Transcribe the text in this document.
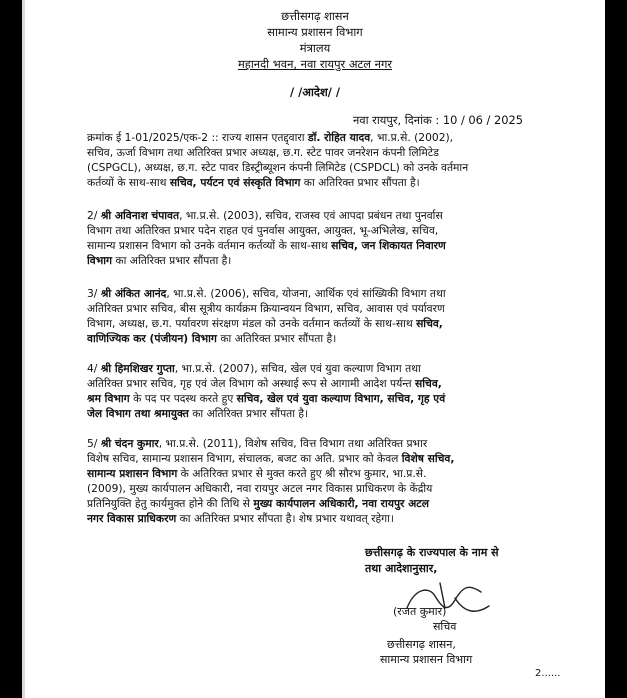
छत्तीसगढ़ शासन
सामान्य प्रशासन विभाग
मंत्रालय
महानदी भवन, नवा रायपुर अटल नगर
/ /आदेश/ /
नवा रायपुर, दिनांक : 10 / 06 / 2025
क्रमांक ई 1-01/2025/एक-2 :: राज्य शासन एतद्द्वारा डॉ. रोहित यादव, भा.प्र.से. (2002),
सचिव, ऊर्जा विभाग तथा अतिरिक्त प्रभार अध्यक्ष, छ.ग. स्टेट पावर जनरेशन कंपनी लिमिटेड
(CSPGCL), अध्यक्ष, छ.ग. स्टेट पावर डिस्ट्रीब्यूशन कंपनी लिमिटेड (CSPDCL) को उनके वर्तमान
कर्तव्यों के साथ-साथ सचिव, पर्यटन एवं संस्कृति विभाग का अतिरिक्त प्रभार सौंपता है।
2/ श्री अविनाश चंपावत, भा.प्र.से. (2003), सचिव, राजस्व एवं आपदा प्रबंधन तथा पुनर्वास
विभाग तथा अतिरिक्त प्रभार पदेन राहत एवं पुनर्वास आयुक्त, आयुक्त, भू-अभिलेख, सचिव,
सामान्य प्रशासन विभाग को उनके वर्तमान कर्तव्यों के साथ-साथ सचिव, जन शिकायत निवारण
विभाग का अतिरिक्त प्रभार सौंपता है।
3/ श्री अंकित आनंद, भा.प्र.से. (2006), सचिव, योजना, आर्थिक एवं सांख्यिकी विभाग तथा
अतिरिक्त प्रभार सचिव, बीस सूत्रीय कार्यक्रम क्रियान्वयन विभाग, सचिव, आवास एवं पर्यावरण
विभाग, अध्यक्ष, छ.ग. पर्यावरण संरक्षण मंडल को उनके वर्तमान कर्तव्यों के साथ-साथ सचिव,
वाणिज्यिक कर (पंजीयन) विभाग का अतिरिक्त प्रभार सौंपता है।
4/ श्री हिमशिखर गुप्ता, भा.प्र.से. (2007), सचिव, खेल एवं युवा कल्याण विभाग तथा
अतिरिक्त प्रभार सचिव, गृह एवं जेल विभाग को अस्थाई रूप से आगामी आदेश पर्यन्त सचिव,
श्रम विभाग के पद पर पदस्थ करते हुए सचिव, खेल एवं युवा कल्याण विभाग, सचिव, गृह एवं
जेल विभाग तथा श्रमायुक्त का अतिरिक्त प्रभार सौंपता है।
5/ श्री चंदन कुमार, भा.प्र.से. (2011), विशेष सचिव, वित्त विभाग तथा अतिरिक्त प्रभार
विशेष सचिव, सामान्य प्रशासन विभाग, संचालक, बजट का अति. प्रभार को केवल विशेष सचिव,
सामान्य प्रशासन विभाग के अतिरिक्त प्रभार से मुक्त करते हुए श्री सौरभ कुमार, भा.प्र.से.
(2009), मुख्य कार्यपालन अधिकारी, नवा रायपुर अटल नगर विकास प्राधिकरण के केंद्रीय
प्रतिनियुक्ति हेतु कार्यमुक्त होने की तिथि से मुख्य कार्यपालन अधिकारी, नवा रायपुर अटल
नगर विकास प्राधिकरण का अतिरिक्त प्रभार सौंपता है। शेष प्रभार यथावत् रहेगा।
छत्तीसगढ़ के राज्यपाल के नाम से
तथा आदेशानुसार,
(रजत कुमार)
सचिव
छत्तीसगढ़ शासन,
सामान्य प्रशासन विभाग
2......
